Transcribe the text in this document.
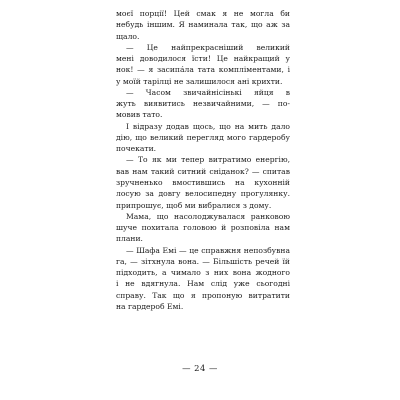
моєї порції! Цей смак я не могла би
небудь іншим. Я наминала так, що аж за
щало.
— Це найпрекрасніший великий
мені доводилося їсти! Це найкращий у
нок! — я засипáла тата компліментами, і
у моїй тарілці не залишилося ані крихти.
— Часом звичайнісінькі яйця в
жуть виявитись незвичайними, — по-
мовив тато.
І відразу додав щось, що на мить дало
дію, що великий перегляд мого гардеробу
почекати.
— То як ми тепер витратимо енергію,
вав нам такий ситний сніданок? — спитав
зручненько вмостившись на кухонній
лосую за довгу велосипедну прогулянку.
припрошує, щоб ми вибралися з дому.
Мама, що насолоджувалася ранковою
шуче похитала головою й розповіла нам
плани.
— Шафа Емі — це справжня непозбувна
га, — зітхнула вона. — Більшість речей їй
підходить, а чимало з них вона жодного
і не вдягнула. Нам слід уже сьогодні
справу. Так що я пропоную витратити
на гардероб Емі.
— 24 —
